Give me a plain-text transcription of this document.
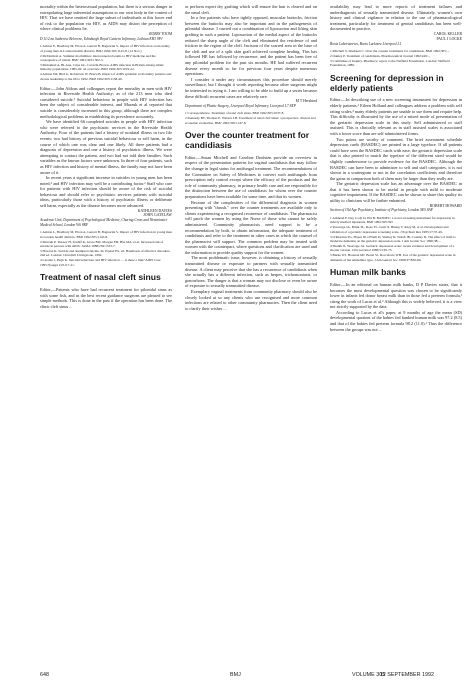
mortality within the heterosexual population, but there is a serious danger in extrapolating large inferential assumptions to our own body in the context of HIV. That we have omitted the large subset of individuals at this lower end of risk to the population via HIV, as AIDS may distort the perception of where clinical problems lie.

ROBIN TOOM

D 11/2 na Sutherise Belverne, Edinburgh Royal Cantern Infirmary, Lothian EH3 9PJ

1 Ashton E, Bradbury M, Elton A, Garrett B, Bagnorini S. Impact of HIV infection on mortality of young men in London health districts. BMJ 1992;305:1145-8. (14 Nov.)

2 McDermott A. Summer morbidities: interconnected teams to HIV medicine and the consequence of trends. BMJ 1991;303:1302-3.

3 Mohamed A, Bi-Ana, Crips GL, Cavachi-Brown. AIDS infection in Britain among ethnic minority populations, 1985-92: an overview. BMJ 1992;305:1019-22.

4 Ashton JM, Bird G, Robertson W, Bruce B. Impact of AIDS epidemic in mortality patterns and chorus leadership to the 60 to 1992. BMJ 1992:305:1138-40.

Editor,—John Aldous and colleagues report the mortality in men with HIV infection in Riverside Health Authority; as of the 213 men who died considered suicide.¹ Suicidal behaviour in people with HIV infection has been the subject of considerable interest, and Marzuk et al reported that suicide is considerably increased in this group, although there are complex methodological problems in establishing its prevalence accurately.

We have identified 66 completed suicides in people with HIV infection who were referred to the psychiatric services in the Riverside Health Authority. Four of the patients had a history of nonfatal illness in two life events; two had history of previous suicidal behaviour or self harm, in the course of which one was clear and one likely. All three patients had a diagnosis of depression and one a history of psychiatric illness. We were attempting to contact the patient, and two had not told their families. Such variables as the known factors were unknown. In three of four patients, such as HIV infection and history of mental illness, the family may not have been aware of it.

In recent years a significant increase in suicides in young men has been noted,² and HIV infection may well be a contributing factor.³ Staff who care for patients with HIV infection should be aware of the risk of suicidal behaviour and should refer to psychiatric services patients with suicidal ideas, particularly those with a history of psychiatric illness or deliberate self harm, especially as the disease becomes more advanced.

KATHLEEN DAVIES
JOHN GATELAW

Academic Unit, Department of Psychological Medicine, Charing Cross and Westminster Medical School, London W6 8RF

1 Ashton L, Bradbury M, Elton A, Garrett B, Bagnorini S. Impact of HIV infection in young men in London health districts. BMJ 1992;305:1145-8.

2 Marzuk P, Tierney H, Tardiff K, Gross EM, Morgan EB, Hsu MA, et al. Increased risk of suicide in persons with AIDS. JAMA 1988;259:1333-7.

3 Hawton K. Suicide and attempted suicide. In: Paykel ES, ed. Handbook of affective disorders. 2nd ed. London: Churchill Livingstone, 1992.

4 Catalan J, Pugh K. Suicidal behaviour and HIV infection — is there a link? AIDS Care 1995;7(suppl 2):S117-21.

Treatment of nasal cleft sinus

Editor,—Patients who have had recurrent treatment for pilonidal sinus as with some fish, and in the best recent guidance surgeons are pleased to see simple methods. This is done in the past if the operation has been done. The clinic cleft sinus ...

or perform expert dry grafting which will ensure the hair is cleared and on the nasal cleft.

In a few patients who have tightly opposed, muscular buttocks, friction between the buttocks may also be important and in the pathogenesis of pilonidal disease. I carried out a combination of liposuction and lifting skin grafting in such a patient. Liposuction of the medial aspect of the buttocks reduced the sharp angle of the cleft and eliminated the residence of and friction in the region of the cleft. Incision of the scarred area in the base of the cleft and use of a split skin graft achieved complete healing. This has followed HE has followed by recurrence, and the patient has been free of any pilonidal problem for the past six months. HE had suffered recurrent disease every month so far for previous four years despite numerous operations.

I consider it under any circumstances this procedure should merely surveillance, but I thought it worth reporting because other surgeons might be interested in trying it. I am willing to be able to build up a series because these difficult recurrent cases are relatively rare.

M T Herskind

Department of Plastic Surgery, Liverpool Royal Infirmary, Liverpool L7 8XP

1 Correspondence. Treatment of natal cleft sinus. BMJ 1992;305:1037-8.

2 Kennedy BT, Thomas E, Watson LB. Treatment of natal cleft sinus: a prospective, clinical and economic evaluation. BMJ 1992;305:1147-8.

Over the counter treatment for candidiasis

Editor,—Susan Mitchell and Caroline Dredsten provide an overview in respect of the presentation patterns for vaginal candidiasis that may follow the change in legal status for antifungal treatment. The recommendations of the Committee on Safety of Medicines to convert such antifungals from prescription only control except where the efficacy of the products and the role of community pharmacy, in primary health care and are responsible for the distinction between the use of candidiasis for whom over the counter preparations have been available for some time, and that its women.

Because of the complexities of the differential diagnosis in women presenting with "thrush," over the counter treatments are available only to clients experiencing a recognised recurrence of candidiasis. The pharmacist will patch the women by using the Nurse of those who cannot be safely administered. Community pharmacists need support to be a recommendation by both, to obtain information, the adequate treatment of candidiasis and refer to the treatment in other cases in which the counsel of the pharmacist will support. The common problem may be treated with women with the counterpart, where questions and clarification are used and the information to provide quality support for the women.

The most problematic issue, however, is obtaining a history of sexually transmitted disease or exposure to partners with sexually transmitted disease. A client may perceive that she has a recurrence of candidiasis when she actually has a different infection, such as herpes, trichomoniasis, or gonorrhoea. The danger is that a woman may not disclose or even be aware of exposure to sexually transmitted disease.

Exemplary vaginal treatments from community pharmacy should also be closely looked at so any clients who use recognised and more common infections are related to other community pharmacies. Then the client need to clarify their wishes ...

availability may lead to more reports of treatment failures and underdiagnosis of sexually transmitted disease. Ultimately, women's own history and clinical vigilance in relation to the use of pharmacological treatment, particularly for treatment of genital candidiasis has been well-documented in practice.

CAROL KELLER
PAUL J LOCKE

Boots Laboratories, Boots Lucknow Liverpool L1

1 Mitchell S, Dredsten C. Over the counter treatments for candidiasis. BMJ 1992;305:...

2 Oakley P. Treatment of candidiasis. Pharmaceutical Journal 1992;249:...

3 Committee of Inquiry. Pharmacy: report to the Nuffield Foundation. London: Nuffield Foundation, 1986.

Screening for depression in elderly patients

Editor,—In describing use of a new screening instrument for depression in elderly patients,¹ Eileen Holland and colleagues address a problem with self rating scales,² many elderly patients are unable to use them and require help. This difficulty is illustrated by the use of a mixed mode of presentation of the geriatric depression scale in this study. Self administered or staff assisted. This is clinically relevant as in staff assisted scales is associated with a lower score than are self administered forms.

Two points are worthy of comment. The brief assessment schedule depression cards (BASDEC) are printed in a large typeface. If all patients could have seen the BASDEC cards with ease, the geriatric depression scale that is also printed to match the typeface of the different sized would be slightly cumbersome to provide evidence for the BASDEC. Although the BASDEC can have been to administer to self and staff categories, it is not shown in a scattergram or not in the correlation coefficients and therefore the gains in comparison both of them may be larger than they really are.

The geriatric depression scale has an advantage over the BASDEC in that it has been shown to be useful in people with mild to moderate cognitive impairment. If the BASDEC can be shown to share this quality its utility to clinicians will be further enhanced.

ROBERT HOWARD

Section of Old Age Psychiatry, Institute of Psychiatry, London SE5 8AF

1 Adshead F, Day Cody D, Pitt B. BASDEC: a novel screening instrument for depression in elderly medical inpatients. BMJ 1992;305:397.

2 Yesavage JA, Brink TL, Rose TL, Lum O, Huang V, Adey M, et al. Development and validation of a geriatric depression screening scale. J Psychiatr Res 1983;17:37-49.

3 O'Riordan TG, Hayes JP, O'Neill D, Shelley R, Walsh JB, Coakley D. The effect of mild to moderate dementia on the geriatric depression scale. J Am Geriatr Soc 1990;38:...

4 Sheikh JI, Yesavage JA. Geriatric depression scale: recent evidence and development of a shorter version. Clin Gerontol 1986;5:165-73.

5 Burke WJ, Houston MJ, Boust SJ, Roccaforte WH. Use of the geriatric depression scale in dementia of the Alzheimer type. J Am Geriatr Soc 1989;37:856-60.

Human milk banks

Editor,—In an editorial on human milk banks, D P Davies states, that it becomes the most developmental question was chosen to be significantly lower in infants fed donor breast milk than in those fed a preterm formula,¹ citing the work of Lucas et al.² Although this is widely believed, it is a view not strictly supported by the data.

According to Lucas et al's paper, at 9 months of age the mean (SD) developmental quotient of the babies fed banked human milk was 97.2 (8.5) and that of the babies fed preterm formula 98.2 (11.0).¹ Thus the difference between the groups was not ...

648	BMJ	VOLUME 305
12 SEPTEMBER 1992
